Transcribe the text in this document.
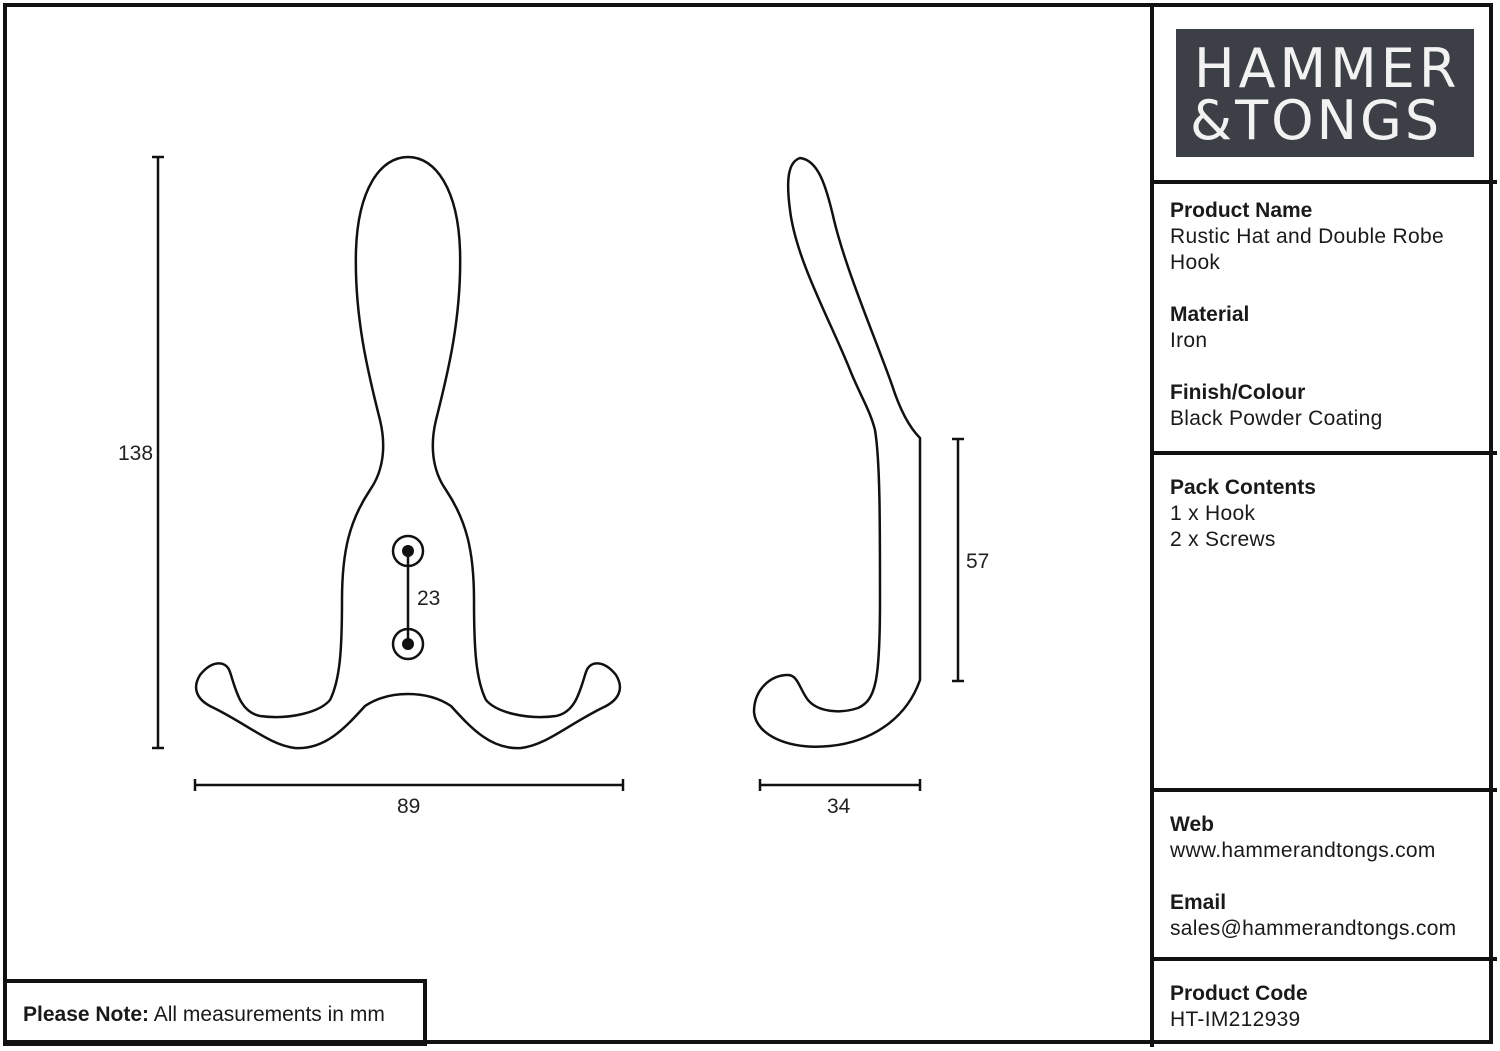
138
89
23
34
57
HAMMER
&TONGS

Product Name

Rustic Hat and Double Robe Hook

Material

Iron

Finish/Colour

Black Powder Coating

Pack Contents

1 x Hook

2 x Screws

Web

www.hammerandtongs.com

Email

sales@hammerandtongs.com

Product Code

HT-IM212939

Please Note: All measurements in mm
